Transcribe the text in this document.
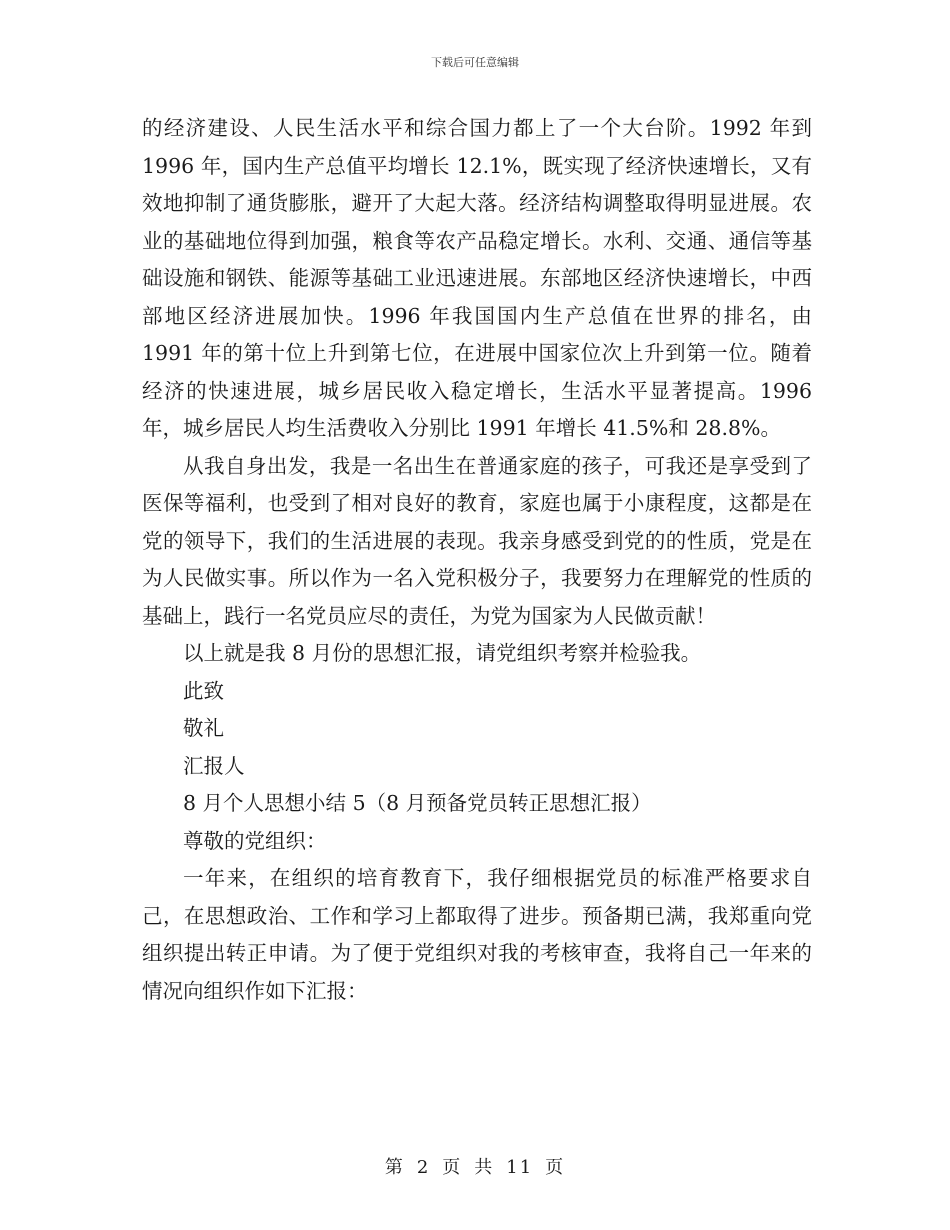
下载后可任意编辑

的经济建设、人民生活水平和综合国力都上了一个大台阶。1992 年到 1996 年，国内生产总值平均增长 12.1%，既实现了经济快速增长，又有效地抑制了通货膨胀，避开了大起大落。经济结构调整取得明显进展。农业的基础地位得到加强，粮食等农产品稳定增长。水利、交通、通信等基础设施和钢铁、能源等基础工业迅速进展。东部地区经济快速增长，中西部地区经济进展加快。1996 年我国国内生产总值在世界的排名，由 1991 年的第十位上升到第七位，在进展中国家位次上升到第一位。随着经济的快速进展，城乡居民收入稳定增长，生活水平显著提高。1996 年，城乡居民人均生活费收入分别比 1991 年增长 41.5%和 28.8%。

从我自身出发，我是一名出生在普通家庭的孩子，可我还是享受到了医保等福利，也受到了相对良好的教育，家庭也属于小康程度，这都是在党的领导下，我们的生活进展的表现。我亲身感受到党的的性质，党是在为人民做实事。所以作为一名入党积极分子，我要努力在理解党的性质的基础上，践行一名党员应尽的责任，为党为国家为人民做贡献！

以上就是我 8 月份的思想汇报，请党组织考察并检验我。

此致

敬礼

汇报人

8 月个人思想小结 5（8 月预备党员转正思想汇报）

尊敬的党组织：

一年来，在组织的培育教育下，我仔细根据党员的标准严格要求自己，在思想政治、工作和学习上都取得了进步。预备期已满，我郑重向党组织提出转正申请。为了便于党组织对我的考核审查，我将自己一年来的情况向组织作如下汇报：

第 2 页 共 11 页
